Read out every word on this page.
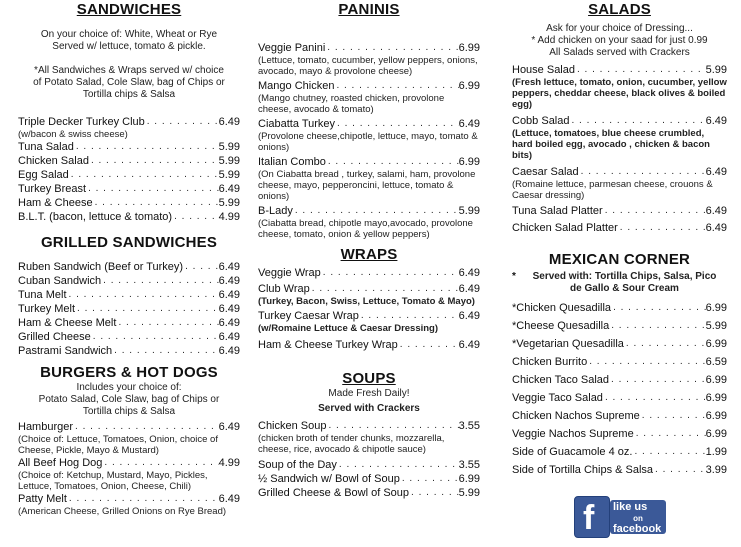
SANDWICHES
On your choice of: White, Wheat or Rye
Served w/ lettuce, tomato & pickle.
*All Sandwiches & Wraps served w/ choice
of Potato Salad, Cole Slaw, bag of Chips or
Tortilla chips & Salsa
Triple Decker Turkey Club . . .	6.49
(w/bacon & swiss cheese)
Tuna Salad . . .	5.99
Chicken Salad . . .	5.99
Egg Salad . . .	5.99
Turkey Breast . . .	6.49
Ham & Cheese . . .	5.99
B.L.T. (bacon, lettuce & tomato) . . .	4.99
GRILLED SANDWICHES
Ruben Sandwich (Beef or Turkey) . . .	6.49
Cuban Sandwich . . .	6.49
Tuna Melt . . .	6.49
Turkey Melt . . .	6.49
Ham & Cheese Melt . . .	6.49
Grilled Cheese . . .	6.49
Pastrami Sandwich . . .	6.49
BURGERS & HOT DOGS
Includes your choice of:
Potato Salad, Cole Slaw, bag of Chips or
Tortilla chips & Salsa
Hamburger . . .	6.49
(Choice of: Lettuce, Tomatoes, Onion, choice of Cheese, Pickle, Mayo & Mustard)
All Beef Hog Dog . . .	4.99
(Choice of: Ketchup, Mustard, Mayo, Pickles, Lettuce, Tomatoes, Onion, Cheese, Chili)
Patty Melt . . .	6.49
(American Cheese, Grilled Onions on Rye Bread)
PANINIS
Veggie Panini . . .	6.99
(Lettuce, tomato, cucumber, yellow peppers, onions, avocado, mayo & provolone cheese)
Mango Chicken . . .	6.99
(Mango chutney, roasted chicken, provolone cheese, avocado & tomato)
Ciabatta Turkey . . .	6.49
(Provolone cheese,chipotle, lettuce, mayo, tomato & onions)
Italian Combo . . .	6.99
(On Ciabatta bread , turkey, salami, ham, provolone cheese, mayo, pepperoncini, lettuce, tomato & onions)
B-Lady . . .	5.99
(Ciabatta bread, chipotle mayo,avocado, provolone cheese, tomato, onion & yellow peppers)
WRAPS
Veggie Wrap . . .	6.49
Club Wrap . . .	6.49
(Turkey, Bacon, Swiss, Lettuce, Tomato & Mayo)
Turkey Caesar Wrap . . .	6.49
(w/Romaine Lettuce & Caesar Dressing)
Ham & Cheese Turkey Wrap . . .	6.49
SOUPS
Made Fresh Daily!
Served with Crackers
Chicken Soup . . .	3.55
(chicken broth of tender chunks, mozzarella, cheese, rice, avocado & chipotle sauce)
Soup of the Day . . .	3.55
½ Sandwich w/ Bowl of Soup . . .	6.99
Grilled Cheese & Bowl of Soup . . .	5.99
SALADS
Ask for your choice of Dressing...
* Add chicken on your saad for just 0.99
All Salads served with Crackers
House Salad . . .	5.99
(Fresh lettuce, tomato, onion, cucumber, yellow peppers, cheddar cheese, black olives & boiled egg)
Cobb Salad . . .	6.49
(Lettuce, tomatoes, blue cheese crumbled, hard boiled egg, avocado , chicken & bacon bits)
Caesar Salad . . .	6.49
(Romaine lettuce, parmesan cheese, crouons & Caesar dressing)
Tuna Salad Platter . . .	6.49
Chicken Salad Platter . . .	6.49
MEXICAN CORNER
*	Served with: Tortilla Chips, Salsa, Pico
de Gallo & Sour Cream
*Chicken Quesadilla . . .	6.99
*Cheese Quesadilla . . .	5.99
*Vegetarian Quesadilla . . .	6.99
Chicken Burrito . . .	6.59
Chicken Taco Salad . . .	6.99
Veggie Taco Salad . . .	6.99
Chicken Nachos Supreme . . .	6.99
Veggie Nachos Supreme . . .	6.99
Side of Guacamole 4 oz. . . .	1.99
Side of Tortilla Chips & Salsa . . .	3.99
f like us
on
facebook
